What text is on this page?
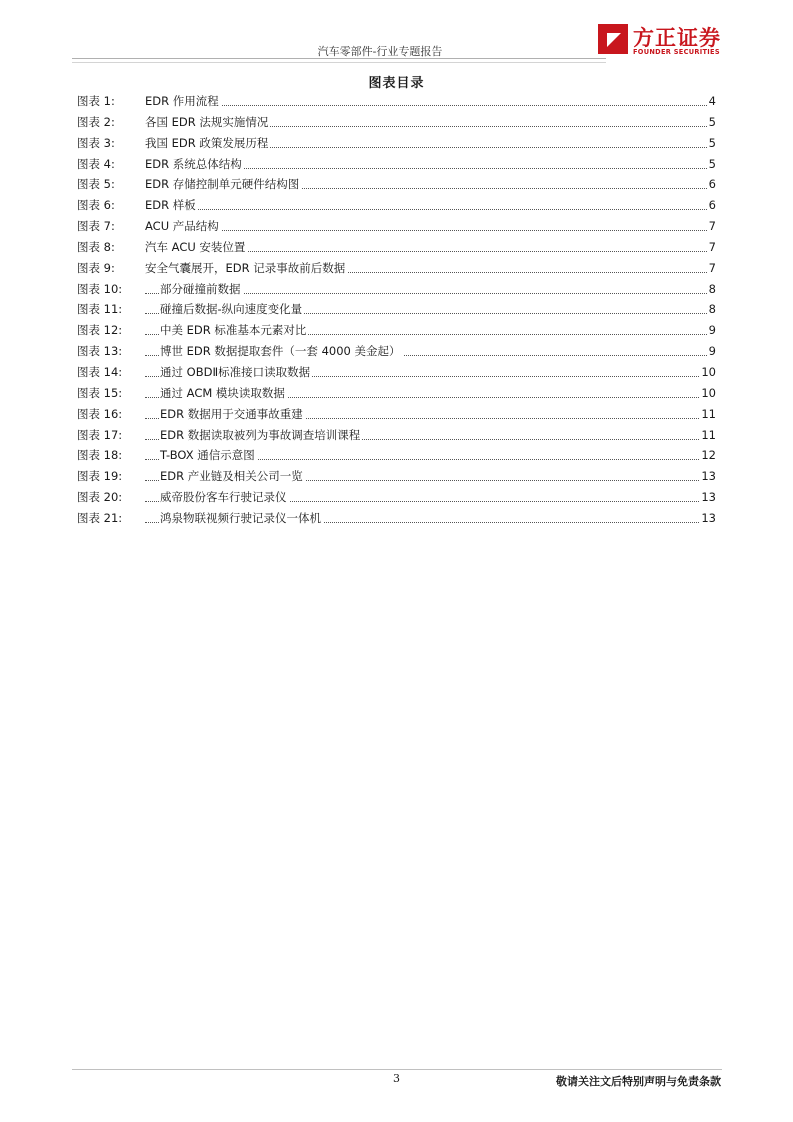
汽车零部件-行业专题报告
方正证券
FOUNDER SECURITIES
图表目录
图表 1:	EDR 作用流程	4
图表 2:	各国 EDR 法规实施情况	5
图表 3:	我国 EDR 政策发展历程	5
图表 4:	EDR 系统总体结构	5
图表 5:	EDR 存储控制单元硬件结构图	6
图表 6:	EDR 样板	6
图表 7:	ACU 产品结构	7
图表 8:	汽车 ACU 安装位置	7
图表 9:	安全气囊展开，EDR 记录事故前后数据	7
图表 10:	部分碰撞前数据	8
图表 11:	碰撞后数据-纵向速度变化量	8
图表 12:	中美 EDR 标准基本元素对比	9
图表 13:	博世 EDR 数据提取套件（一套 4000 美金起）	9
图表 14:	通过 OBDⅡ标准接口读取数据	10
图表 15:	通过 ACM 模块读取数据	10
图表 16:	EDR 数据用于交通事故重建	11
图表 17:	EDR 数据读取被列为事故调查培训课程	11
图表 18:	T-BOX 通信示意图	12
图表 19:	EDR 产业链及相关公司一览	13
图表 20:	威帝股份客车行驶记录仪	13
图表 21:	鸿泉物联视频行驶记录仪一体机	13
3	敬请关注文后特别声明与免责条款
